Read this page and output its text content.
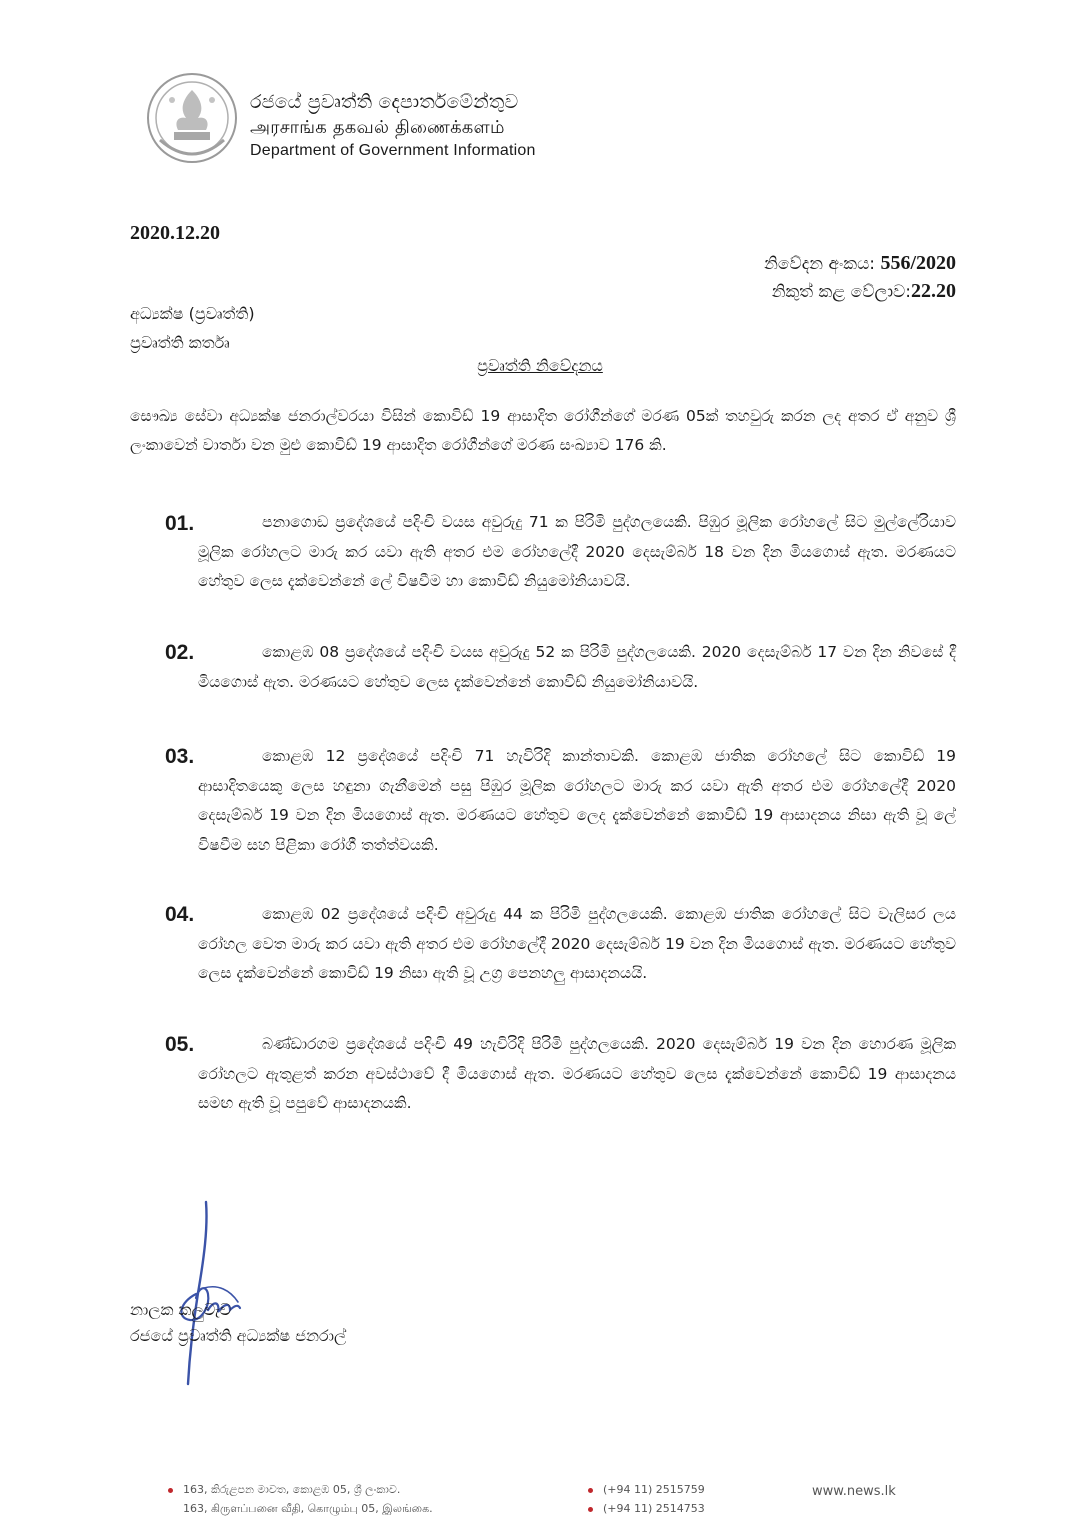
රජයේ ප්‍රවෘත්ති දෙපාර්තමේන්තුව
அரசாங்க தகவல் திணைக்களம்
Department of Government Information
2020.12.20
නිවේදන අංකය: 556/2020
නිකුත් කළ වේලාව:22.20
අධ්‍යක්ෂ (ප්‍රවෘත්ති)
ප්‍රවෘත්ති කර්තෘ
ප්‍රවෘත්ති නිවේදනය
සෞඛ්‍ය සේවා අධ්‍යක්ෂ ජනරාල්වරයා විසින් කොවිඩ් 19 ආසාදිත රෝගීන්ගේ මරණ 05ක් තහවුරු කරන ලද අතර ඒ අනුව ශ්‍රී ලංකාවෙන් වාර්තා වන මුළු කොවිඩ් 19 ආසාදිත රෝගීන්ගේ මරණ සංඛ්‍යාව 176 කි.
01.	පනාගොඩ ප්‍රදේශයේ පදිංචි වයස අවුරුදු 71 ක පිරිමි පුද්ගලයෙකි. පිඹුර මූලික රෝහලේ සිට මුල්ලේරියාව මූලික රෝහලට මාරු කර යවා ඇති අතර එම රෝහලේදී 2020 දෙසැම්බර් 18 වන දින මියගොස් ඇත. මරණයට හේතුව ලෙස දැක්වෙන්නේ ලේ විෂවීම හා කොවිඩ් නියුමෝනියාවයි.
02.	කොළඹ 08 ප්‍රදේශයේ පදිංචි වයස අවුරුදු 52 ක පිරිමි පුද්ගලයෙකි. 2020 දෙසැම්බර් 17 වන දින නිවසේ දී මියගොස් ඇත. මරණයට හේතුව ලෙස දැක්වෙන්නේ කොවිඩ් නියුමෝනියාවයි.
03.	කොළඹ 12 ප්‍රදේශයේ පදිංචි 71 හැවිරිදි කාන්තාවකි. කොළඹ ජාතික රෝහලේ සිට කොවිඩ් 19 ආසාදිතයෙකු ලෙස හඳුනා ගැනීමෙන් පසු පිඹුර මූලික රෝහලට මාරු කර යවා ඇති අතර එම රෝහලේදී 2020 දෙසැම්බර් 19 වන දින මියගොස් ඇත. මරණයට හේතුව ලෙද දැක්වෙන්නේ කොවිඩ් 19 ආසාදනය නිසා ඇති වූ ලේ විෂවීම සහ පිළිකා රෝගී තත්ත්වයකි.
04.	කොළඹ 02 ප්‍රදේශයේ පදිංචි අවුරුදු 44 ක පිරිමි පුද්ගලයෙකි. කොළඹ ජාතික රෝහලේ සිට වැලිසර ලය රෝහල වෙත මාරු කර යවා ඇති අතර එම රෝහලේදී 2020 දෙසැම්බර් 19 වන දින මියගොස් ඇත. මරණයට හේතුව ලෙස දැක්වෙන්නේ කොවිඩ් 19 නිසා ඇති වූ උග්‍ර පෙනහලු ආසාදනයයි.
05.	බණ්ඩාරගම ප්‍රදේශයේ පදිංචි 49 හැවිරිදි පිරිමි පුද්ගලයෙකි. 2020 දෙසැම්බර් 19 වන දින හොරණ මූලික රෝහලට ඇතුළත් කරන අවස්ථාවේ දී මියගොස් ඇත. මරණයට හේතුව ලෙස දැක්වෙන්නේ කොවිඩ් 19 ආසාදනය සමඟ ඇති වූ පපුවේ ආසාදනයකි.
නාලක කලුවැව
රජයේ ප්‍රවෘත්ති අධ්‍යක්ෂ ජනරාල්
163, කිරුළපන මාවත, කොළඹ 05, ශ්‍රී ලංකාව.
163, கிருளப்பனை வீதி, கொழும்பு 05, இலங்கை.
(+94 11) 2515759
(+94 11) 2514753
www.news.lk
